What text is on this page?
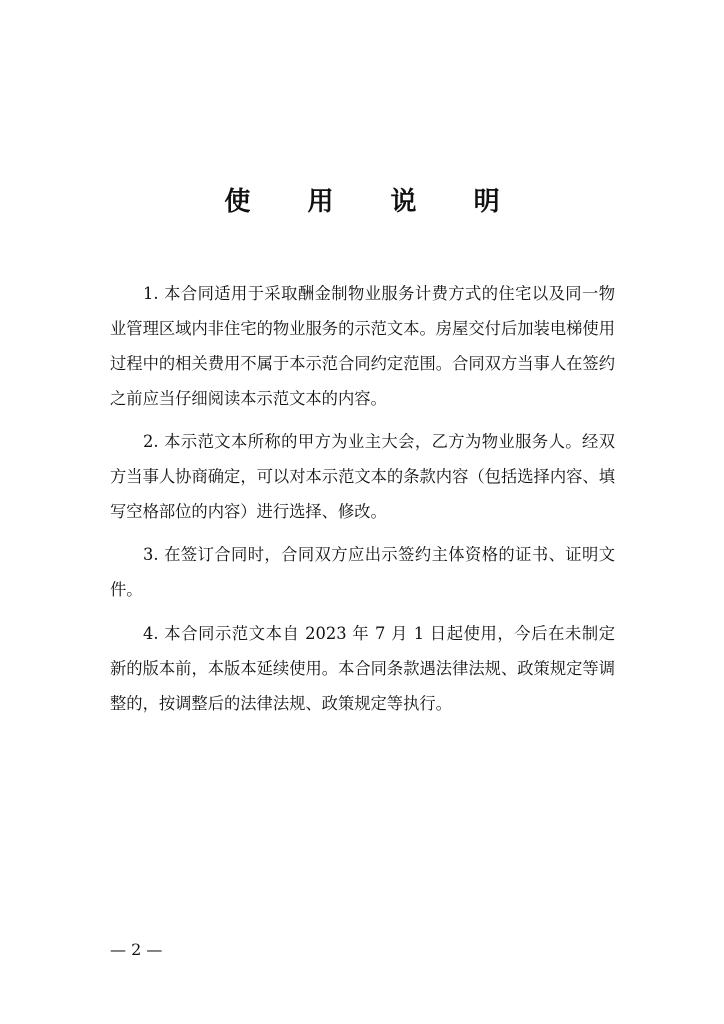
使 用 说 明

1. 本合同适用于采取酬金制物业服务计费方式的住宅以及同一物业管理区域内非住宅的物业服务的示范文本。房屋交付后加装电梯使用过程中的相关费用不属于本示范合同约定范围。合同双方当事人在签约之前应当仔细阅读本示范文本的内容。

2. 本示范文本所称的甲方为业主大会，乙方为物业服务人。经双方当事人协商确定，可以对本示范文本的条款内容（包括选择内容、填写空格部位的内容）进行选择、修改。

3. 在签订合同时，合同双方应出示签约主体资格的证书、证明文件。

4. 本合同示范文本自 2023 年 7 月 1 日起使用，今后在未制定新的版本前，本版本延续使用。本合同条款遇法律法规、政策规定等调整的，按调整后的法律法规、政策规定等执行。

— 2 —
